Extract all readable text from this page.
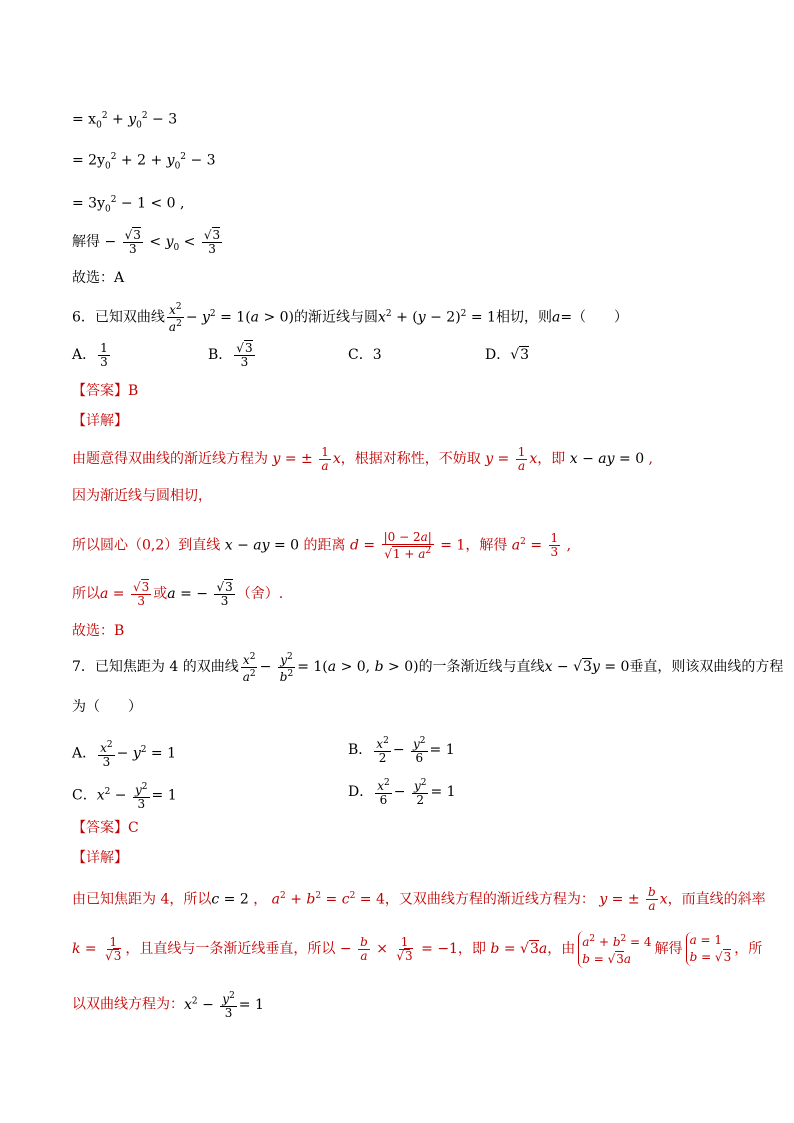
= $x_0^2 + y_0^2 - 3$
= $2y_0^2 + 2 + y_0^2 - 3$
= $3y_0^2 - 1 < 0$ ,
解得 − $\frac{√3}{3} < y_0 < \frac{√3}{3}$
故选：A
6．已知双曲线 $\frac{x^2}{a^2} - y^2 = 1(a > 0)$的渐近线与圆$x^2 + (y - 2)^2 = 1$相切，则a=（　　）
A． $\frac{1}{3}$	B． $\frac{√3}{3}$	C．3	D．√3
【答案】B
【详解】
由题意得双曲线的渐近线方程为 y = ± $\frac{1}{a}$ x，根据对称性，不妨取 $y = \frac{1}{a}$ x，即 x − ay = 0 ,
因为渐近线与圆相切，
所以圆心（0,2）到直线 x − ay = 0 的距离 $d = \frac{|0 - 2a|}{√1 + a^2} = 1$，解得 $a^2 = \frac{1}{3}$ ,
所以$a = \frac{√3}{3}$ 或a = − $\frac{√3}{3}$ （舍）.
故选：B
7．已知焦距为 4 的双曲线 $\frac{x^2}{a^2} - \frac{y^2}{b^2} = 1(a > 0$, b > 0)的一条渐近线与直线x − √3y = 0垂直，则该双曲线的方程
为（　　）
A． $\frac{x^2}{3} - y^2 = 1$	B． $\frac{x^2}{2} - \frac{y^2}{6} = 1$
C．$x^2 - \frac{y^2}{3} = 1$	D． $\frac{x^2}{6} - \frac{y^2}{2} = 1$
【答案】C
【详解】
由已知焦距为 4，所以c = 2 ， $a^2 + b^2 = c^2 = 4$，又双曲线方程的渐近线方程为： y = ± $\frac{b}{a}$ x，而直线的斜率
$k = \frac{1}{√3}$ ，且直线与一条渐近线垂直，所以 − $\frac{b}{a} \times \frac{1}{√3} = -1$，即 b = √3a，由 $a^2 + b^2 = 4$
b = √3a
解得
a = 1
b = √3 ，所
以双曲线方程为：$x^2 - \frac{y^2}{3} = 1$
